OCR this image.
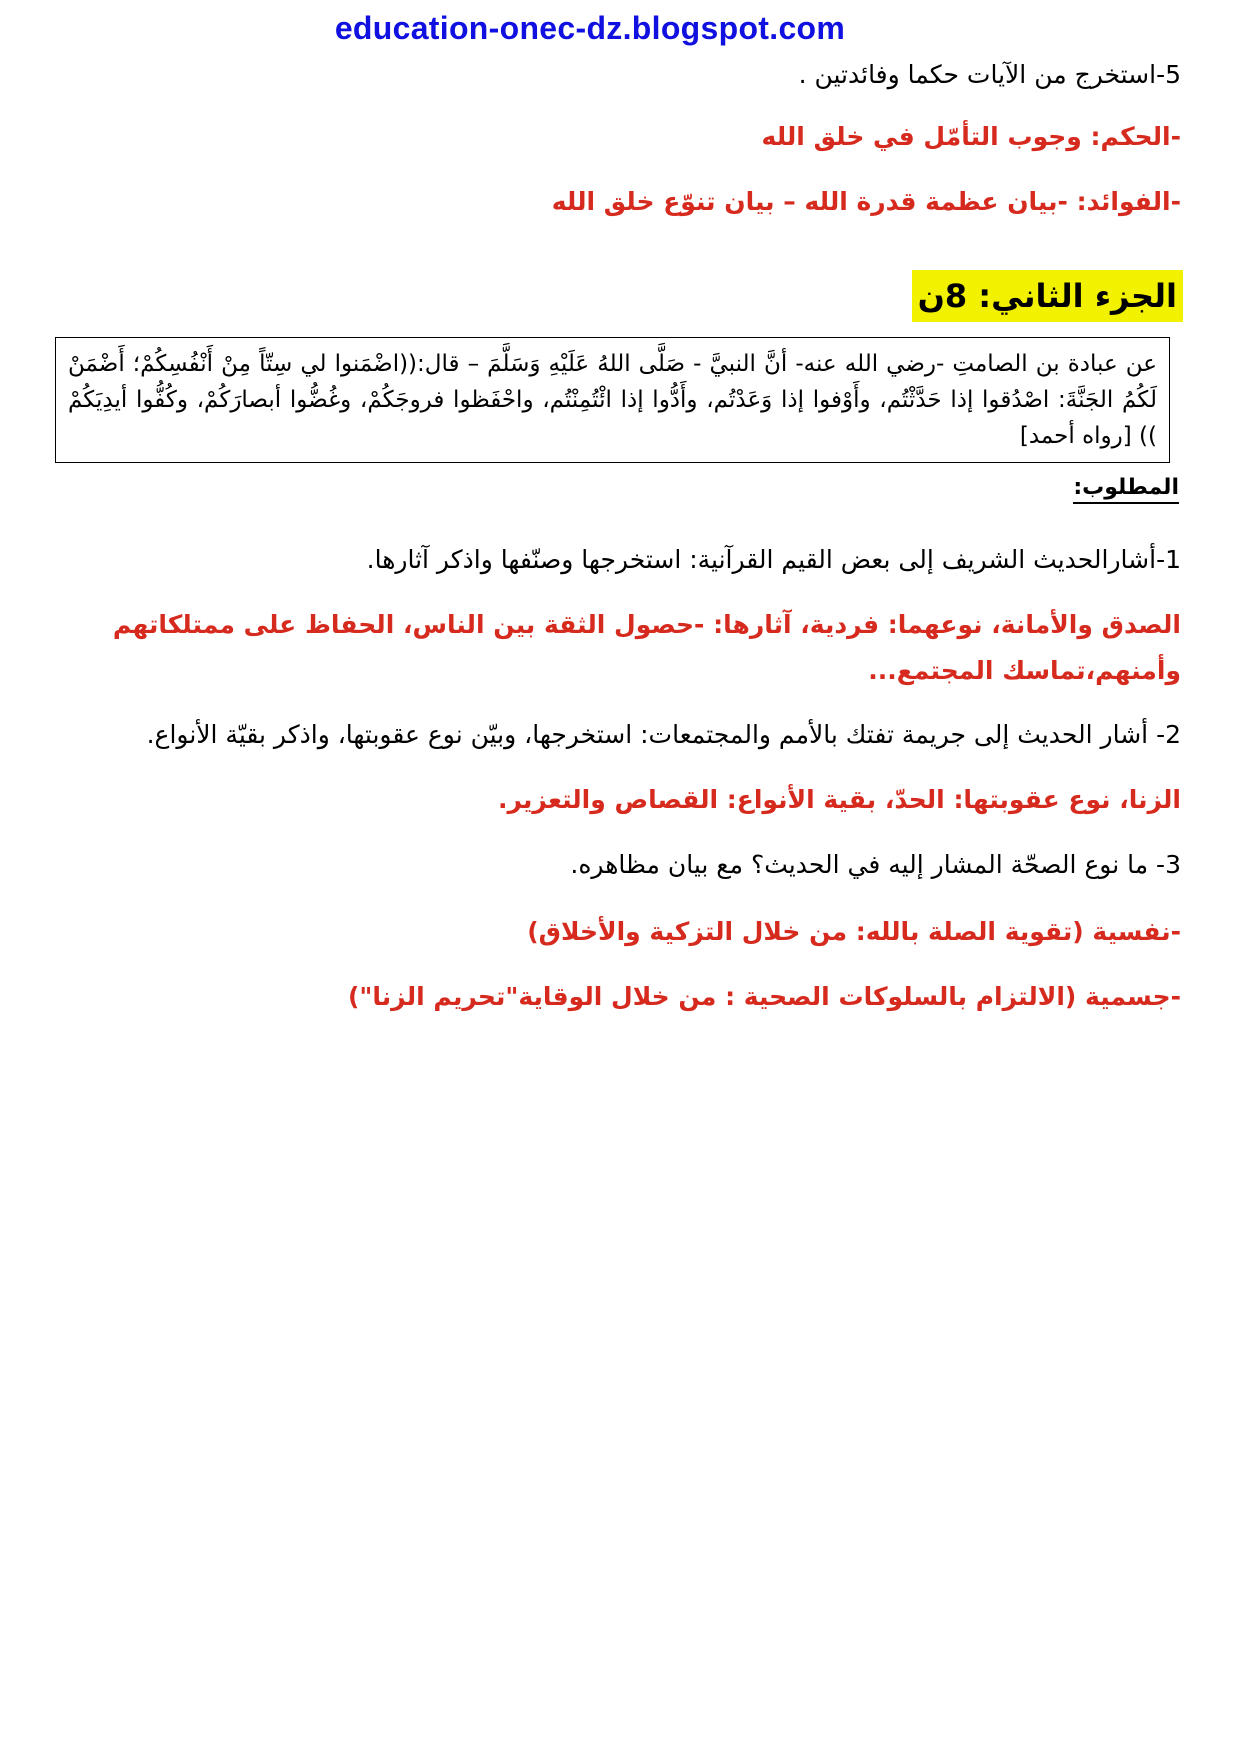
education-onec-dz.blogspot.com
5-استخرج من الآيات حكما وفائدتين .
-الحكم: وجوب التأمّل في خلق الله
-الفوائد: -بيان عظمة قدرة الله – بيان تنوّع خلق الله
الجزء الثاني: 8ن
عن عبادة بن الصامتِ -رضي الله عنه- أنَّ النبيَّ - صَلَّى اللهُ عَلَيْهِ وَسَلَّمَ – قال:((اضْمَنوا لي سِتّاً مِنْ أَنْفُسِكُمْ؛ أَضْمَنْ لَكُمُ الجَنَّةَ: اصْدُقوا إذا حَدَّثْتُم، وأَوْفوا إذا وَعَدْتُم، وأَدُّوا إذا ائْتُمِنْتُم، واحْفَظوا فروجَكُمْ، وغُضُّوا أبصارَكُمْ، وكُفُّوا أيدِيَكُمْ )) [رواه أحمد]
المطلوب:
1-أشارالحديث الشريف إلى بعض القيم القرآنية: استخرجها وصنّفها واذكر آثارها.
الصدق والأمانة، نوعهما: فردية، آثارها: -حصول الثقة بين الناس، الحفاظ على ممتلكاتهم وأمنهم،تماسك المجتمع...
2- أشار الحديث إلى جريمة تفتك بالأمم والمجتمعات: استخرجها، وبيّن نوع عقوبتها، واذكر بقيّة الأنواع.
الزنا، نوع عقوبتها: الحدّ، بقية الأنواع: القصاص والتعزير.
3- ما نوع الصحّة المشار إليه في الحديث؟ مع بيان مظاهره.
-نفسية (تقوية الصلة بالله: من خلال التزكية والأخلاق)
-جسمية (الالتزام بالسلوكات الصحية : من خلال الوقاية"تحريم الزنا")
